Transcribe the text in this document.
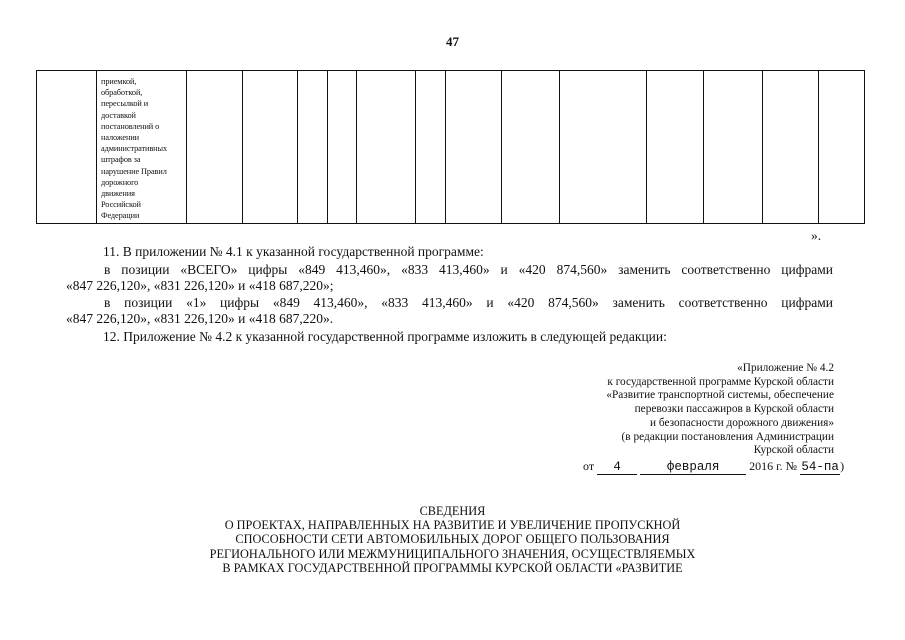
47

приемкой,
обработкой,
пересылкой и
доставкой
постановлений о
наложении
административных
штрафов за
нарушение Правил
дорожного
движения
Российской
Федерации

».
11. В приложении № 4.1 к указанной государственной программе:
в позиции «ВСЕГО» цифры «849 413,460», «833 413,460» и «420 874,560» заменить соответственно цифрами
«847 226,120», «831 226,120» и «418 687,220»;
в позиции «1» цифры «849 413,460», «833 413,460» и «420 874,560» заменить соответственно цифрами
«847 226,120», «831 226,120» и «418 687,220».
12. Приложение № 4.2 к указанной государственной программе изложить в следующей редакции:
«Приложение № 4.2
к государственной программе Курской области
«Развитие транспортной системы, обеспечение
перевозки пассажиров в Курской области
и безопасности дорожного движения»
(в редакции постановления Администрации
Курской области
от 4	февраля 2016 г. № 54-па)
СВЕДЕНИЯ
О ПРОЕКТАХ, НАПРАВЛЕННЫХ НА РАЗВИТИЕ И УВЕЛИЧЕНИЕ ПРОПУСКНОЙ
СПОСОБНОСТИ СЕТИ АВТОМОБИЛЬНЫХ ДОРОГ ОБЩЕГО ПОЛЬЗОВАНИЯ
РЕГИОНАЛЬНОГО ИЛИ МЕЖМУНИЦИПАЛЬНОГО ЗНАЧЕНИЯ, ОСУЩЕСТВЛЯЕМЫХ
В РАМКАХ ГОСУДАРСТВЕННОЙ ПРОГРАММЫ КУРСКОЙ ОБЛАСТИ «РАЗВИТИЕ
